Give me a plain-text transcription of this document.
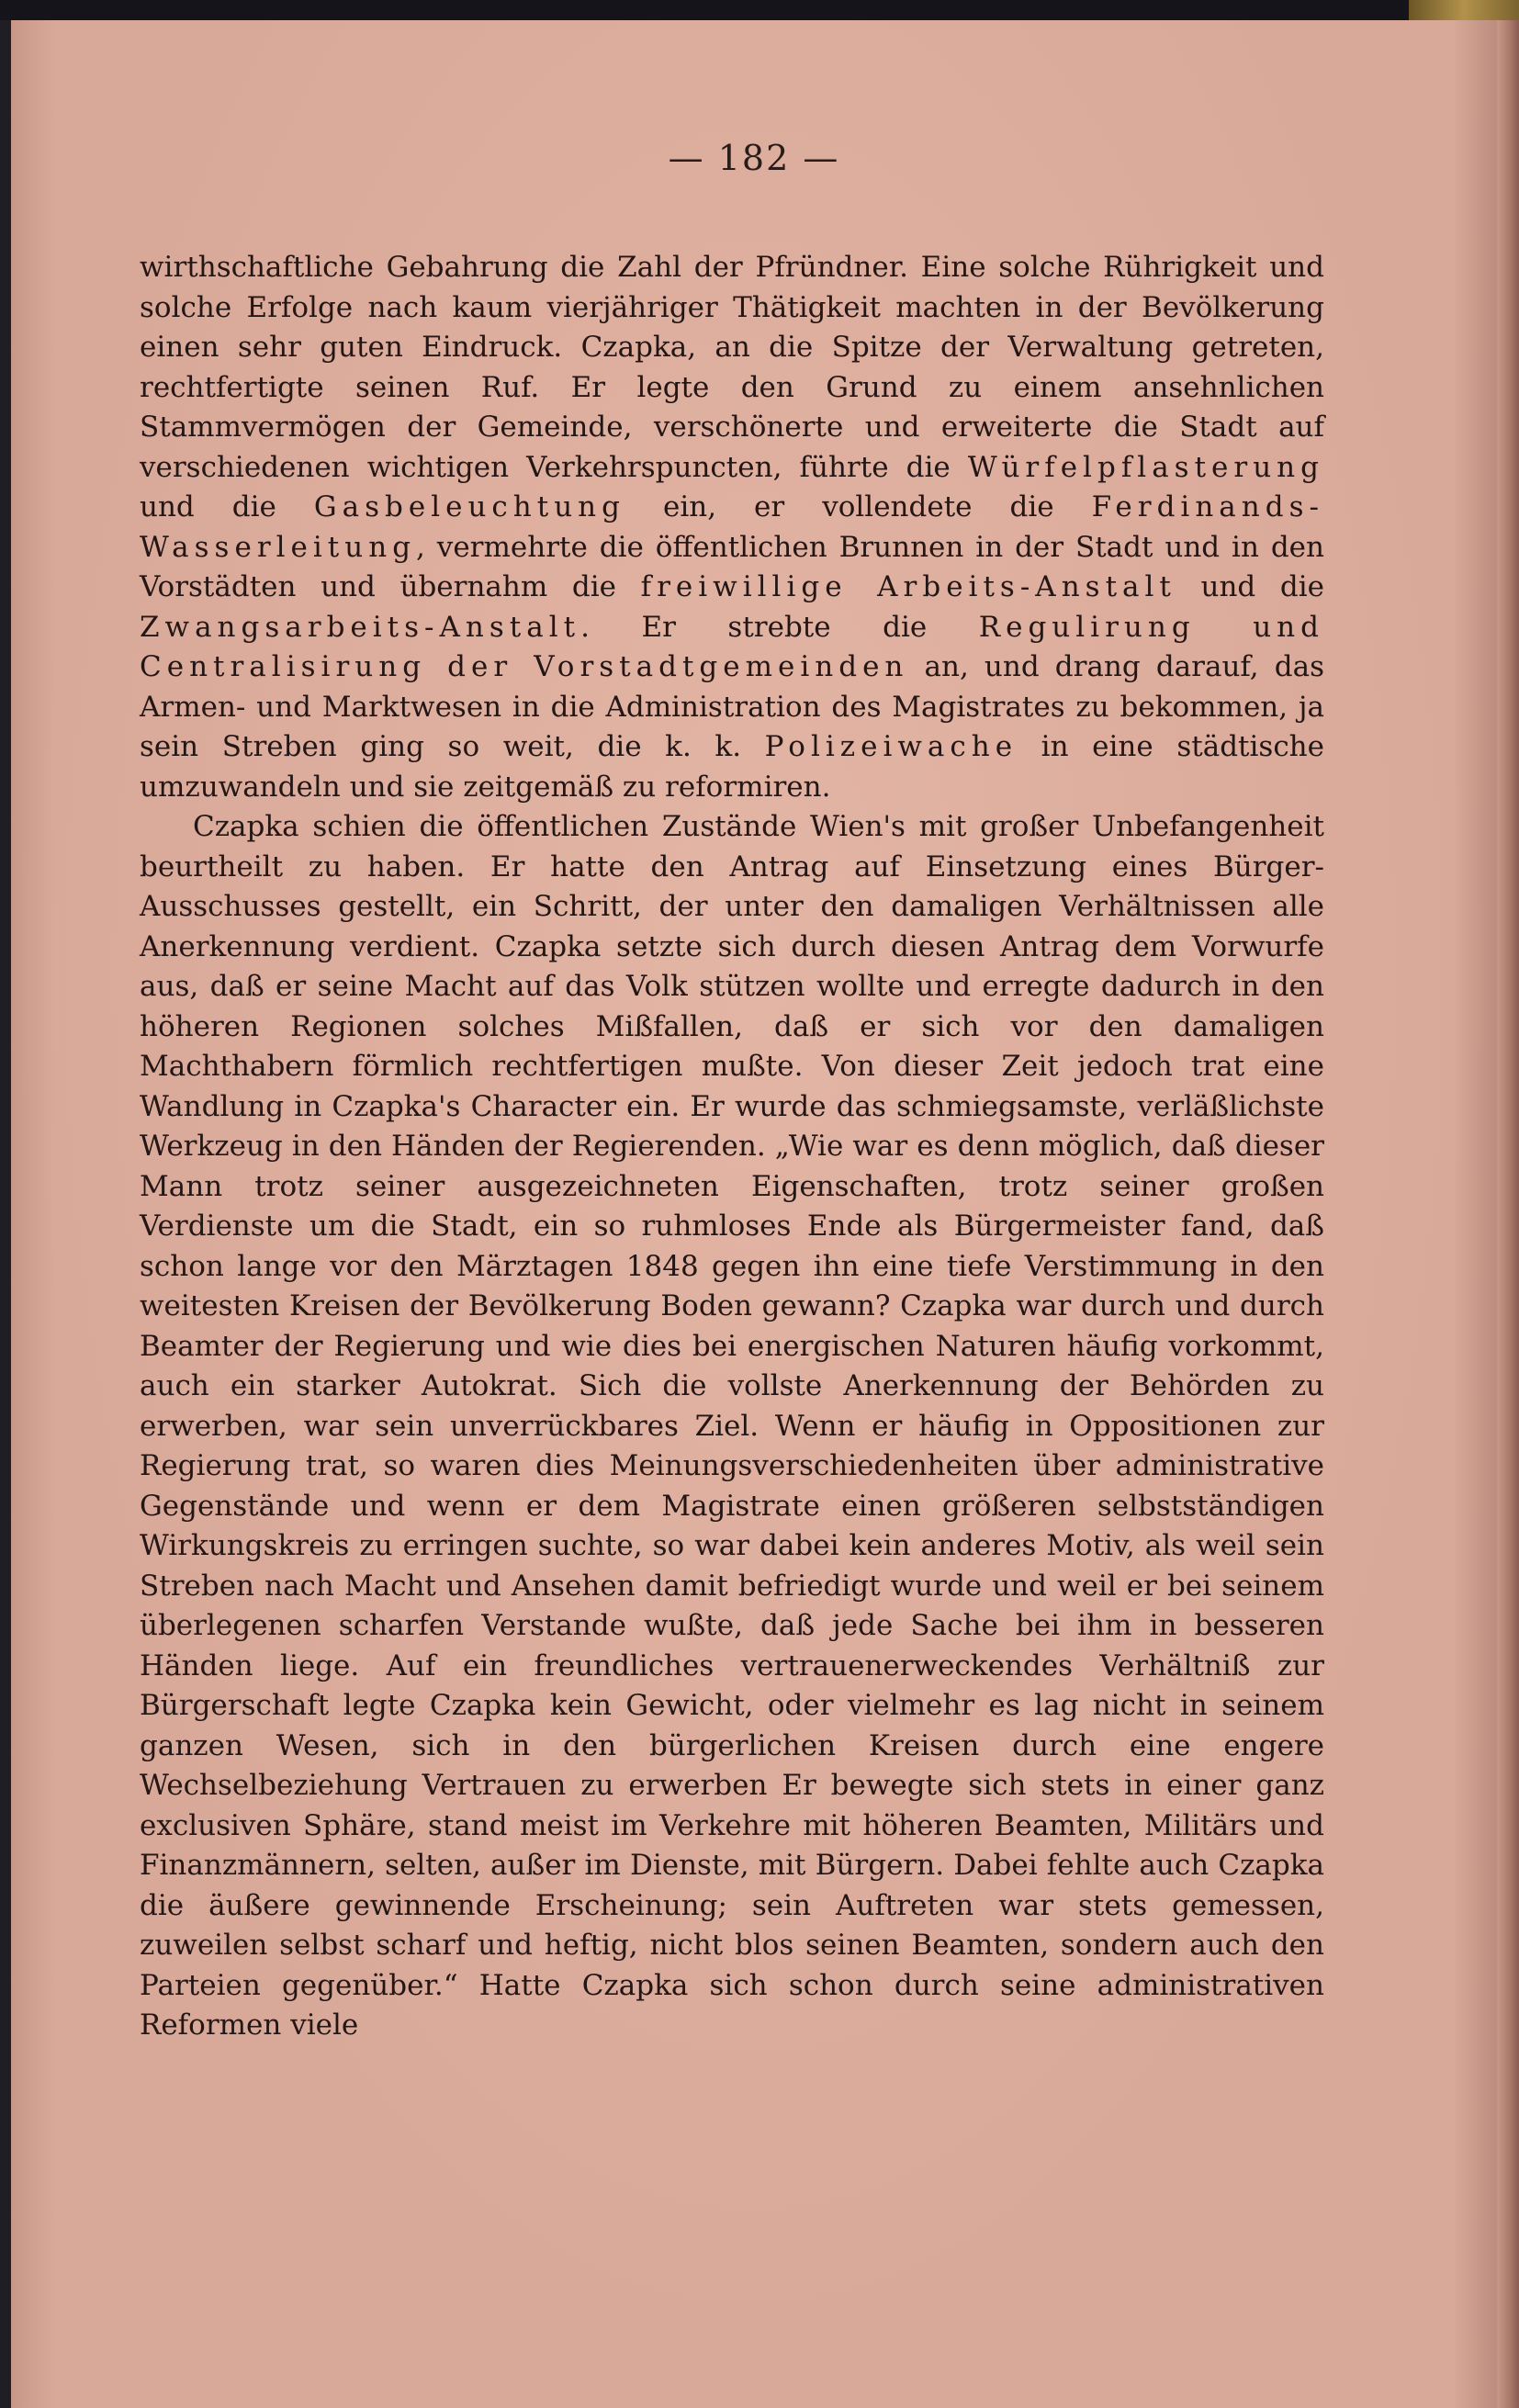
— 182 —

wirthschaftliche Gebahrung die Zahl der Pfründner. Eine solche Rührigkeit und solche Erfolge nach kaum vierjähriger Thätigkeit machten in der Bevölkerung einen sehr guten Eindruck. Czapka, an die Spitze der Verwaltung getreten, rechtfertigte seinen Ruf. Er legte den Grund zu einem ansehnlichen Stammvermögen der Gemeinde, verschönerte und erweiterte die Stadt auf verschiedenen wichtigen Verkehrspuncten, führte die Würfelpflasterung und die Gasbeleuchtung ein, er vollendete die Ferdinands-Wasserleitung, vermehrte die öffentlichen Brunnen in der Stadt und in den Vorstädten und übernahm die freiwillige Arbeits-Anstalt und die Zwangsarbeits-Anstalt. Er strebte die Regulirung und Centralisirung der Vorstadtgemeinden an, und drang darauf, das Armen- und Marktwesen in die Administration des Magistrates zu bekommen, ja sein Streben ging so weit, die k. k. Polizeiwache in eine städtische umzuwandeln und sie zeitgemäß zu reformiren.

Czapka schien die öffentlichen Zustände Wien's mit großer Unbefangenheit beurtheilt zu haben. Er hatte den Antrag auf Einsetzung eines Bürger-Ausschusses gestellt, ein Schritt, der unter den damaligen Verhältnissen alle Anerkennung verdient. Czapka setzte sich durch diesen Antrag dem Vorwurfe aus, daß er seine Macht auf das Volk stützen wollte und erregte dadurch in den höheren Regionen solches Mißfallen, daß er sich vor den damaligen Machthabern förmlich rechtfertigen mußte. Von dieser Zeit jedoch trat eine Wandlung in Czapka's Character ein. Er wurde das schmiegsamste, verläßlichste Werkzeug in den Händen der Regierenden. „Wie war es denn möglich, daß dieser Mann trotz seiner ausgezeichneten Eigenschaften, trotz seiner großen Verdienste um die Stadt, ein so ruhmloses Ende als Bürgermeister fand, daß schon lange vor den Märztagen 1848 gegen ihn eine tiefe Verstimmung in den weitesten Kreisen der Bevölkerung Boden gewann? Czapka war durch und durch Beamter der Regierung und wie dies bei energischen Naturen häufig vorkommt, auch ein starker Autokrat. Sich die vollste Anerkennung der Behörden zu erwerben, war sein unverrückbares Ziel. Wenn er häufig in Oppositionen zur Regierung trat, so waren dies Meinungsverschiedenheiten über administrative Gegenstände und wenn er dem Magistrate einen größeren selbstständigen Wirkungskreis zu erringen suchte, so war dabei kein anderes Motiv, als weil sein Streben nach Macht und Ansehen damit befriedigt wurde und weil er bei seinem überlegenen scharfen Verstande wußte, daß jede Sache bei ihm in besseren Händen liege. Auf ein freundliches vertrauenerweckendes Verhältniß zur Bürgerschaft legte Czapka kein Gewicht, oder vielmehr es lag nicht in seinem ganzen Wesen, sich in den bürgerlichen Kreisen durch eine engere Wechselbeziehung Vertrauen zu erwerben Er bewegte sich stets in einer ganz exclusiven Sphäre, stand meist im Verkehre mit höheren Beamten, Militärs und Finanzmännern, selten, außer im Dienste, mit Bürgern. Dabei fehlte auch Czapka die äußere gewinnende Erscheinung; sein Auftreten war stets gemessen, zuweilen selbst scharf und heftig, nicht blos seinen Beamten, sondern auch den Parteien gegenüber.“ Hatte Czapka sich schon durch seine administrativen Reformen viele
